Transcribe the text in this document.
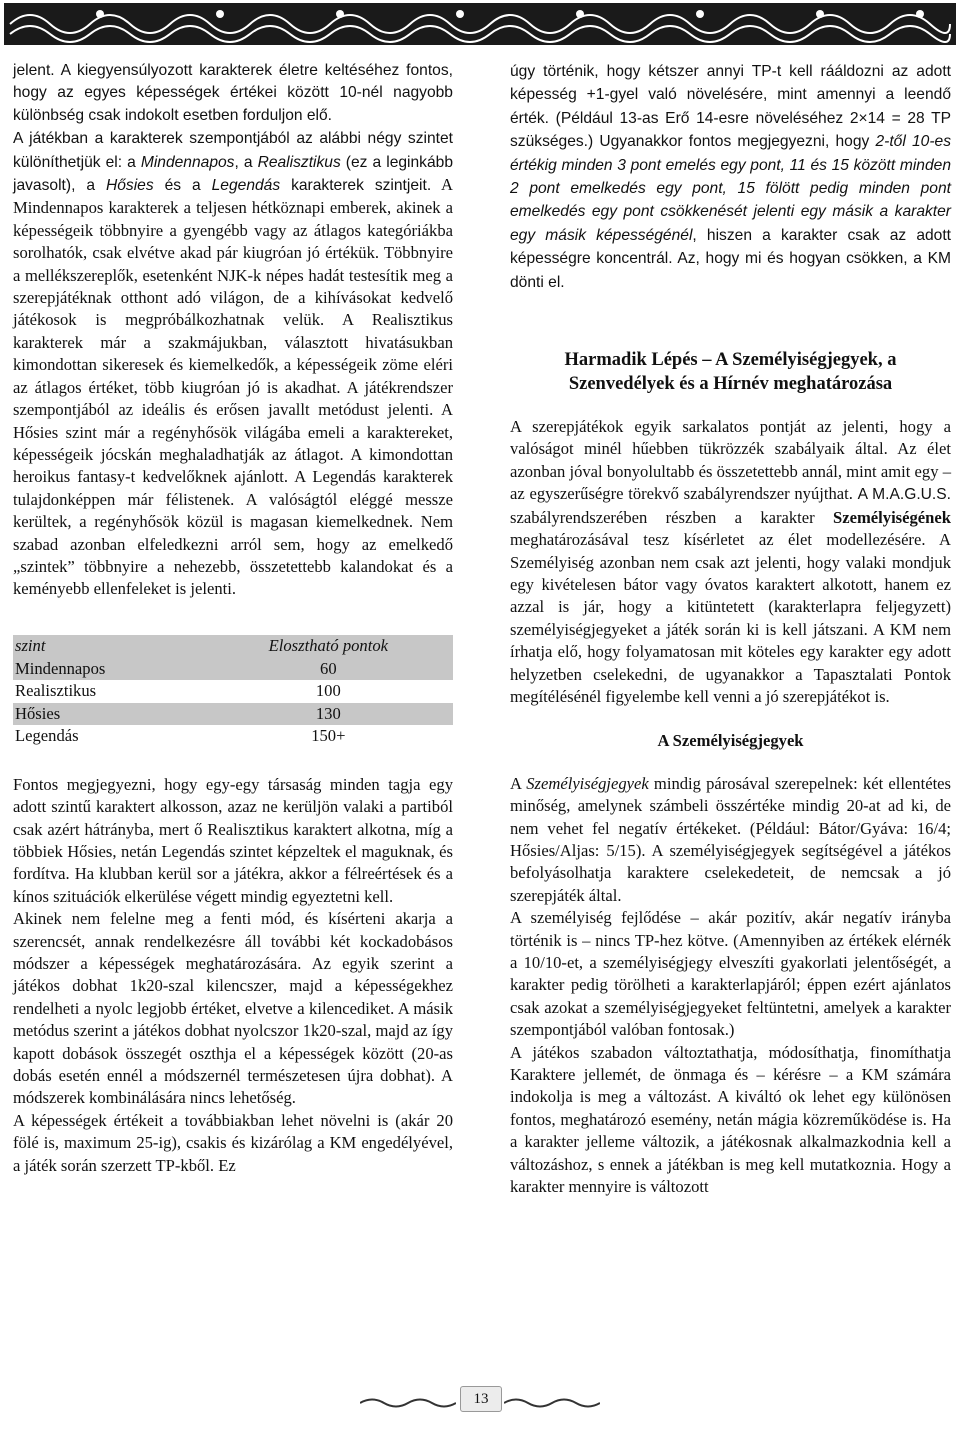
jelent. A kiegyensúlyozott karakterek életre keltéséhez fontos, hogy az egyes képességek értékei között 10-nél nagyobb különbség csak indokolt esetben forduljon elő.

A játékban a karakterek szempontjából az alábbi négy szintet különíthetjük el: a Mindennapos, a Realisztikus (ez a leginkább javasolt), a Hősies és a Legendás karakterek szintjeit. A Mindennapos karakterek a teljesen hétköznapi emberek, akinek a képességeik többnyire a gyengébb vagy az átlagos kategóriákba sorolhatók, csak elvétve akad pár kiugróan jó értékük. Többnyire a mellékszereplők, esetenként NJK-k népes hadát testesítik meg a szerepjátéknak otthont adó világon, de a kihívásokat kedvelő játékosok is megpróbálkozhatnak velük. A Realisztikus karakterek már a szakmájukban, választott hivatásukban kimondottan sikeresek és kiemelkedők, a képességeik zöme eléri az átlagos értéket, több kiugróan jó is akadhat. A játékrendszer szempontjából az ideális és erősen javallt metódust jelenti. A Hősies szint már a regényhősök világába emeli a karaktereket, képességeik jócskán meghaladhatják az átlagot. A kimondottan heroikus fantasy-t kedvelőknek ajánlott. A Legendás karakterek tulajdonképpen már félistenek. A valóságtól eléggé messze kerültek, a regényhősök közül is magasan kiemelkednek. Nem szabad azonban elfeledkezni arról sem, hogy az emelkedő „szintek” többnyire a nehezebb, összetettebb kalandokat és a keményebb ellenfeleket is jelenti.

szint	Elosztható pontok
Mindennapos	60
Realisztikus	100
Hősies	130
Legendás	150+

Fontos megjegyezni, hogy egy-egy társaság minden tagja egy adott szintű karaktert alkosson, azaz ne kerüljön valaki a partiból csak azért hátrányba, mert ő Realisztikus karaktert alkotna, míg a többiek Hősies, netán Legendás szintet képzeltek el maguknak, és fordítva. Ha klubban kerül sor a játékra, akkor a félreértések és a kínos szituációk elkerülése végett mindig egyeztetni kell.

Akinek nem felelne meg a fenti mód, és kísérteni akarja a szerencsét, annak rendelkezésre áll további két kockadobásos módszer a képességek meghatározására. Az egyik szerint a játékos dobhat 1k20-szal kilencszer, majd a képességekhez rendelheti a nyolc legjobb értéket, elvetve a kilencediket. A másik metódus szerint a játékos dobhat nyolcszor 1k20-szal, majd az így kapott dobások összegét oszthja el a képességek között (20-as dobás esetén ennél a módszernél természetesen újra dobhat). A módszerek kombinálására nincs lehetőség.

A képességek értékeit a továbbiakban lehet növelni is (akár 20 fölé is, maximum 25-ig), csakis és kizárólag a KM engedélyével, a játék során szerzett TP-kből. Ez

úgy történik, hogy kétszer annyi TP-t kell rááldozni az adott képesség +1-gyel való növelésére, mint amennyi a leendő érték. (Például 13-as Erő 14-esre növeléséhez 2×14 = 28 TP szükséges.) Ugyanakkor fontos megjegyezni, hogy 2-től 10-es értékig minden 3 pont emelés egy pont, 11 és 15 között minden 2 pont emelkedés egy pont, 15 fölött pedig minden pont emelkedés egy pont csökkenését jelenti egy másik a karakter egy másik képességénél, hiszen a karakter csak az adott képességre koncentrál. Az, hogy mi és hogyan csökken, a KM dönti el.

Harmadik Lépés – A Személyiségjegyek, a Szenvedélyek és a Hírnév meghatározása

A szerepjátékok egyik sarkalatos pontját az jelenti, hogy a valóságot minél hűebben tükrözzék szabályaik által. Az élet azonban jóval bonyolultabb és összetettebb annál, mint amit egy – az egyszerűségre törekvő szabályrendszer nyújthat. A M.A.G.U.S. szabályrendszerében részben a karakter Személyiségének meghatározásával tesz kísérletet az élet modellezésére. A Személyiség azonban nem csak azt jelenti, hogy valaki mondjuk egy kivételesen bátor vagy óvatos karaktert alkotott, hanem ez azzal is jár, hogy a kitüntetett (karakterlapra feljegyzett) személyiségjegyeket a játék során ki is kell játszani. A KM nem írhatja elő, hogy folyamatosan mit köteles egy karakter egy adott helyzetben cselekedni, de ugyanakkor a Tapasztalati Pontok megítélésénél figyelembe kell venni a jó szerepjátékot is.

A Személyiségjegyek

A Személyiségjegyek mindig párosával szerepelnek: két ellentétes minőség, amelynek számbeli összértéke mindig 20-at ad ki, de nem vehet fel negatív értékeket. (Például: Bátor/Gyáva: 16/4; Hősies/Aljas: 5/15). A személyiségjegyek segítségével a játékos befolyásolhatja karaktere cselekedeteit, de nemcsak a jó szerepjáték által.

A személyiség fejlődése – akár pozitív, akár negatív irányba történik is – nincs TP-hez kötve. (Amennyiben az értékek elérnék a 10/10-et, a személyiségjegy elveszíti gyakorlati jelentőségét, a karakter pedig törölheti a karakterlapjáról; éppen ezért ajánlatos csak azokat a személyiségjegyeket feltüntetni, amelyek a karakter szempontjából valóban fontosak.)

A játékos szabadon változtathatja, módosíthatja, finomíthatja Karaktere jellemét, de önmaga és – kérésre – a KM számára indokolja is meg a változást. A kiváltó ok lehet egy különösen fontos, meghatározó esemény, netán mágia közreműködése is. Ha a karakter jelleme változik, a játékosnak alkalmazkodnia kell a változáshoz, s ennek a játékban is meg kell mutatkoznia. Hogy a karakter mennyire is változott

13
